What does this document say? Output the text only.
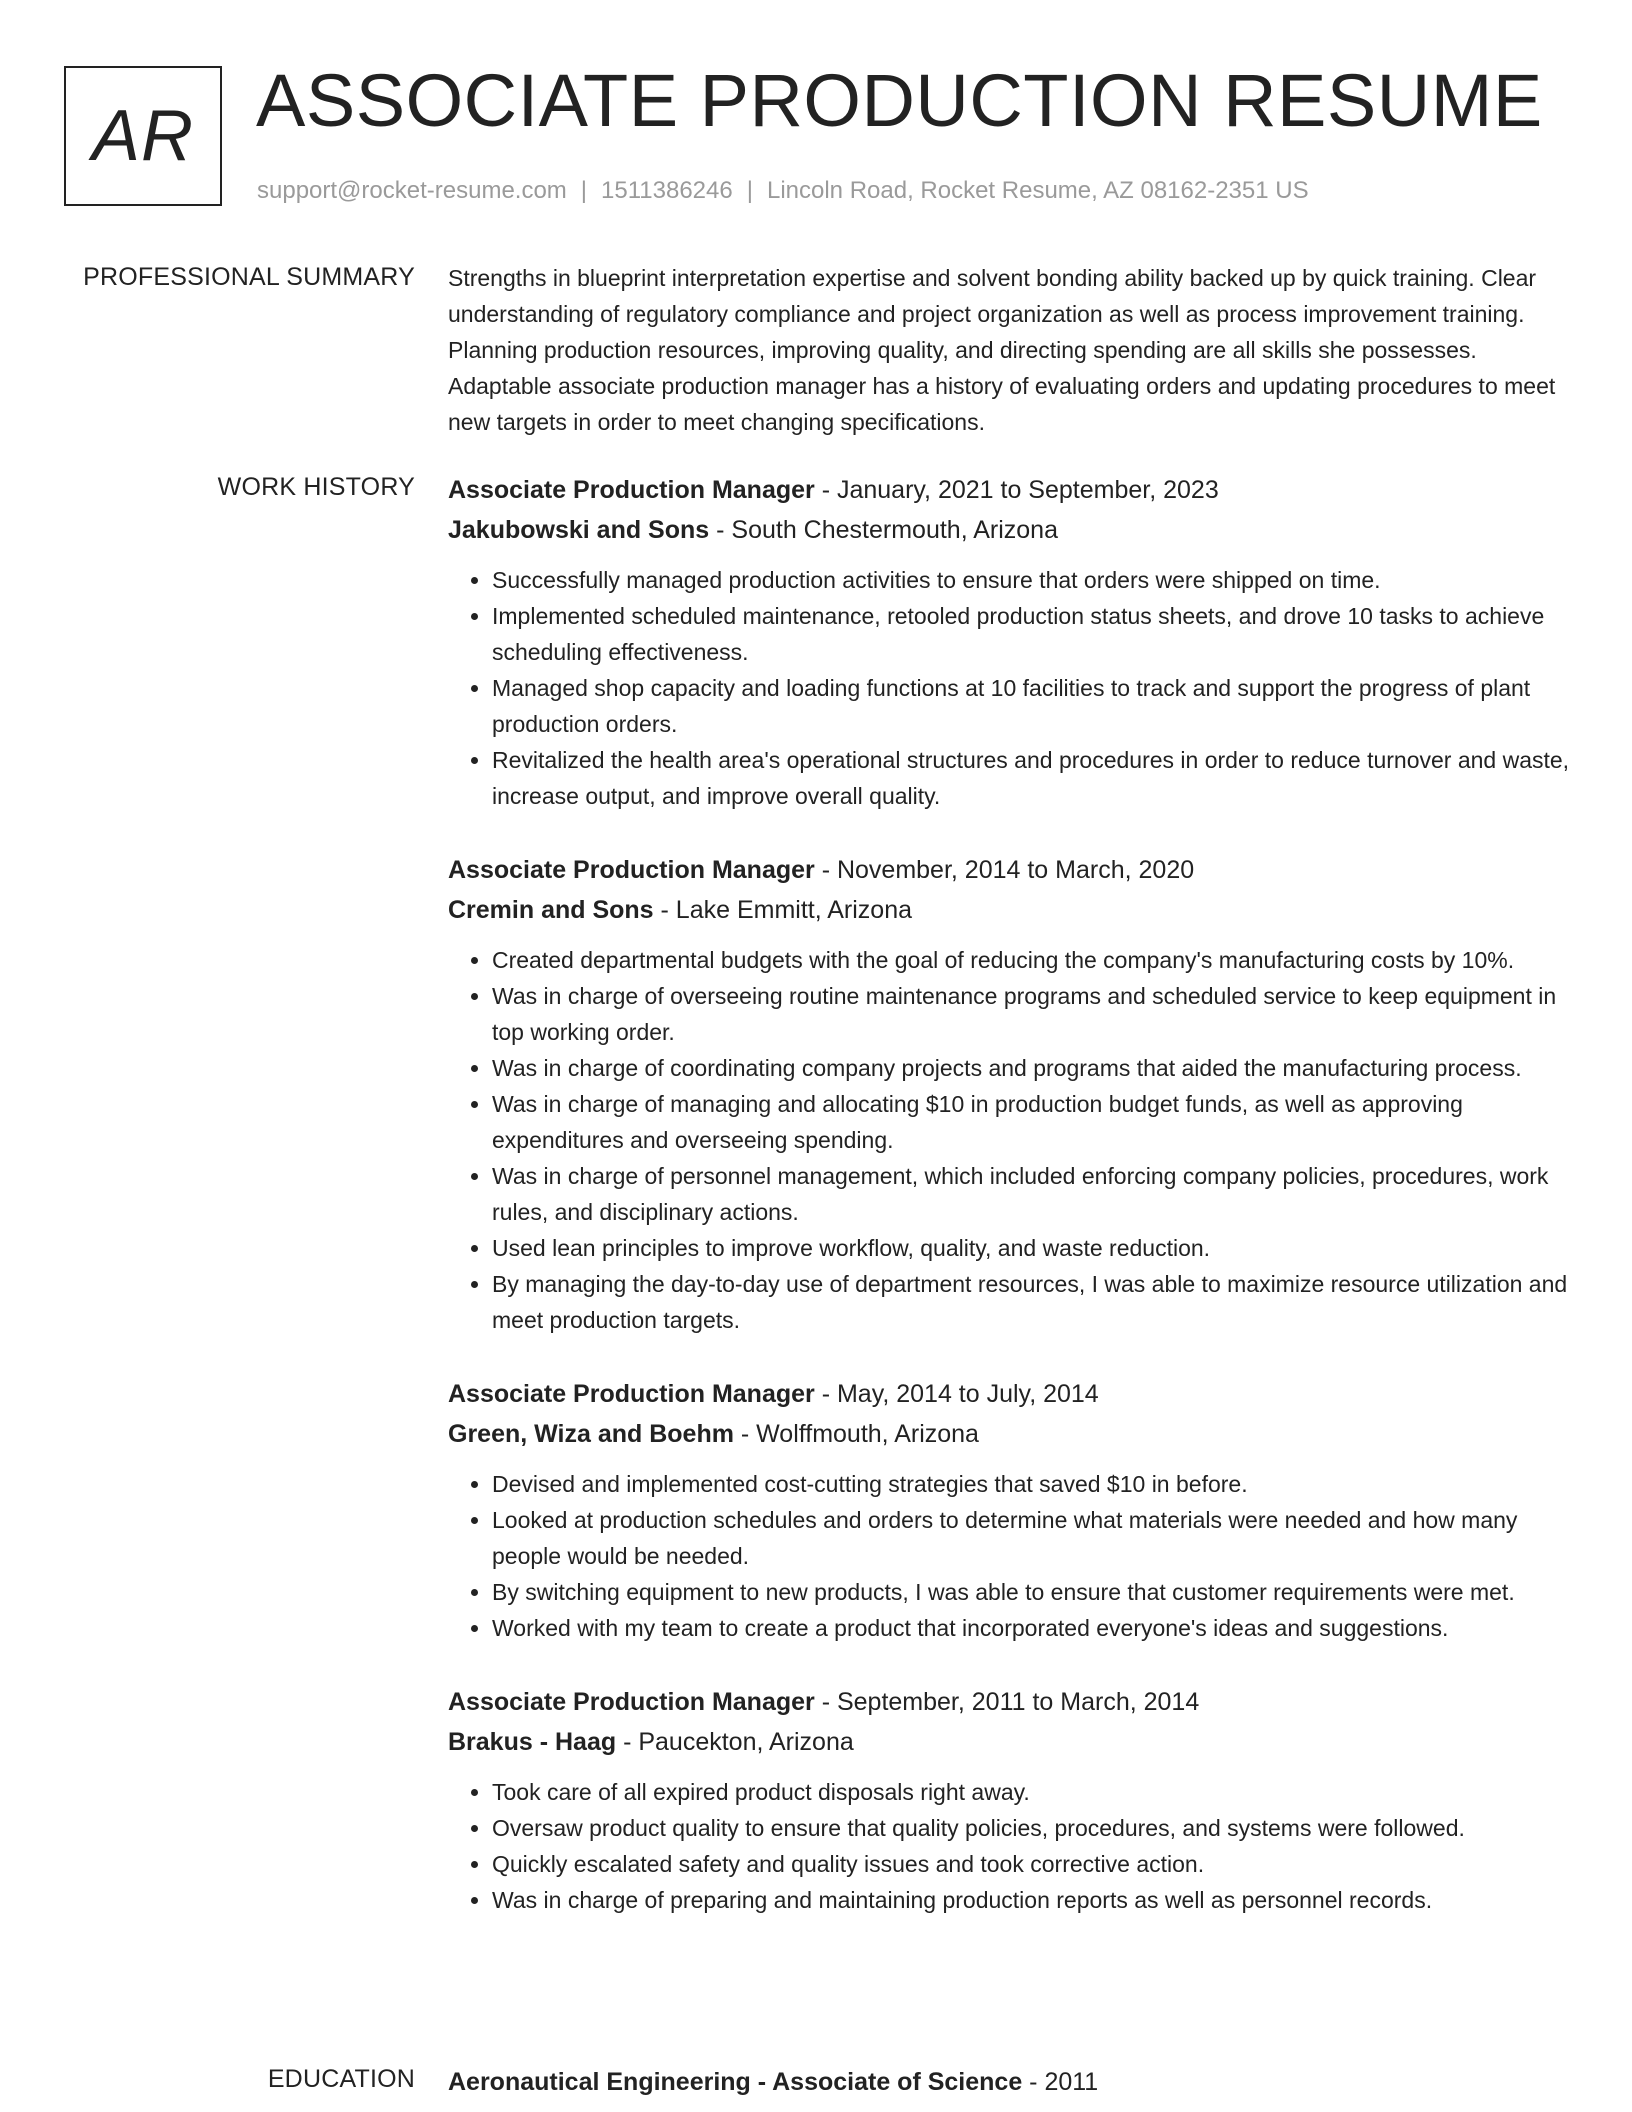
AR ASSOCIATE PRODUCTION RESUME
support@rocket-resume.com | 1511386246 | Lincoln Road, Rocket Resume, AZ 08162-2351 US
PROFESSIONAL SUMMARY Strengths in blueprint interpretation expertise and solvent bonding ability backed up by quick training. Clear understanding of regulatory compliance and project organization as well as process improvement training. Planning production resources, improving quality, and directing spending are all skills she possesses. Adaptable associate production manager has a history of evaluating orders and updating procedures to meet new targets in order to meet changing specifications.

WORK HISTORY Associate Production Manager - January, 2021 to September, 2023

Jakubowski and Sons - South Chestermouth, Arizona

• Successfully managed production activities to ensure that orders were shipped on time.
• Implemented scheduled maintenance, retooled production status sheets, and drove 10 tasks to achieve scheduling effectiveness.
• Managed shop capacity and loading functions at 10 facilities to track and support the progress of plant production orders.
• Revitalized the health area's operational structures and procedures in order to reduce turnover and waste, increase output, and improve overall quality.

Associate Production Manager - November, 2014 to March, 2020

Cremin and Sons - Lake Emmitt, Arizona

• Created departmental budgets with the goal of reducing the company's manufacturing costs by 10%.
• Was in charge of overseeing routine maintenance programs and scheduled service to keep equipment in top working order.
• Was in charge of coordinating company projects and programs that aided the manufacturing process.
• Was in charge of managing and allocating $10 in production budget funds, as well as approving expenditures and overseeing spending.
• Was in charge of personnel management, which included enforcing company policies, procedures, work rules, and disciplinary actions.
• Used lean principles to improve workflow, quality, and waste reduction.
• By managing the day-to-day use of department resources, I was able to maximize resource utilization and meet production targets.

Associate Production Manager - May, 2014 to July, 2014

Green, Wiza and Boehm - Wolffmouth, Arizona

• Devised and implemented cost-cutting strategies that saved $10 in before.
• Looked at production schedules and orders to determine what materials were needed and how many people would be needed.
• By switching equipment to new products, I was able to ensure that customer requirements were met.
• Worked with my team to create a product that incorporated everyone's ideas and suggestions.

Associate Production Manager - September, 2011 to March, 2014

Brakus - Haag - Paucekton, Arizona

• Took care of all expired product disposals right away.
• Oversaw product quality to ensure that quality policies, procedures, and systems were followed.
• Quickly escalated safety and quality issues and took corrective action.
• Was in charge of preparing and maintaining production reports as well as personnel records.
EDUCATION Aeronautical Engineering - Associate of Science - 2011
